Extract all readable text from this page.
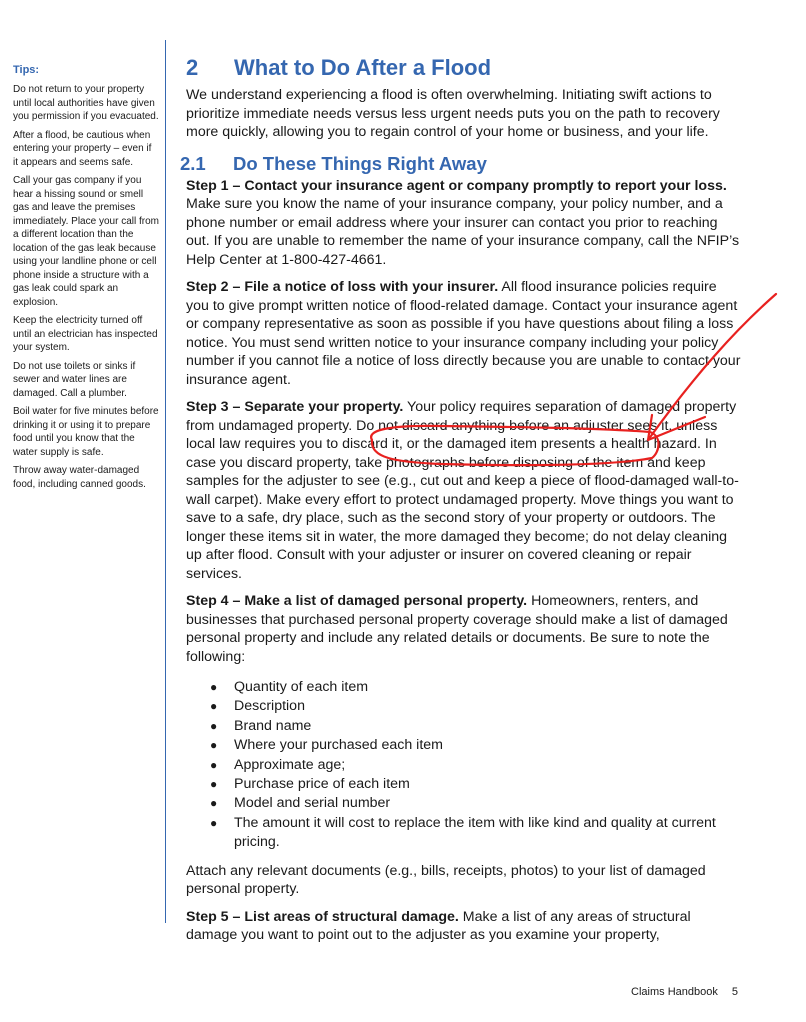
Tips:

Do not return to your property until local authorities have given you permission if you evacuated.

After a flood, be cautious when entering your property – even if it appears and seems safe.

Call your gas company if you hear a hissing sound or smell gas and leave the premises immediately. Place your call from a different location than the location of the gas leak because using your landline phone or cell phone inside a structure with a gas leak could spark an explosion.

Keep the electricity turned off until an electrician has inspected your system.

Do not use toilets or sinks if sewer and water lines are damaged. Call a plumber.

Boil water for five minutes before drinking it or using it to prepare food until you know that the water supply is safe.

Throw away water-damaged food, including canned goods.

2	What to Do After a Flood

We understand experiencing a flood is often overwhelming. Initiating swift actions to prioritize immediate needs versus less urgent needs puts you on the path to recovery more quickly, allowing you to regain control of your home or business, and your life.

2.1	Do These Things Right Away

Step 1 – Contact your insurance agent or company promptly to report your loss. Make sure you know the name of your insurance company, your policy number, and a phone number or email address where your insurer can contact you prior to reaching out. If you are unable to remember the name of your insurance company, call the NFIP’s Help Center at 1-800-427-4661.

Step 2 – File a notice of loss with your insurer. All flood insurance policies require you to give prompt written notice of flood-related damage. Contact your insurance agent or company representative as soon as possible if you have questions about filing a loss notice. You must send written notice to your insurance company including your policy number if you cannot file a notice of loss directly because you are unable to contact your insurance agent.

Step 3 – Separate your property. Your policy requires separation of damaged property from undamaged property. Do not discard anything before an adjuster sees it, unless local law requires you to discard it, or the damaged item presents a health hazard. In case you discard property, take photographs before disposing of the item and keep samples for the adjuster to see (e.g., cut out and keep a piece of flood-damaged wall-to-wall carpet). Make every effort to protect undamaged property. Move things you want to save to a safe, dry place, such as the second story of your property or outdoors. The longer these items sit in water, the more damaged they become; do not delay cleaning up after flood. Consult with your adjuster or insurer on covered cleaning or repair services.

Step 4 – Make a list of damaged personal property. Homeowners, renters, and businesses that purchased personal property coverage should make a list of damaged personal property and include any related details or documents. Be sure to note the following:

●	Quantity of each item
●	Description
●	Brand name
●	Where your purchased each item
●	Approximate age;
●	Purchase price of each item
●	Model and serial number
●	The amount it will cost to replace the item with like kind and quality at current pricing.

Attach any relevant documents (e.g., bills, receipts, photos) to your list of damaged personal property.

Step 5 – List areas of structural damage. Make a list of any areas of structural damage you want to point out to the adjuster as you examine your property,

Claims Handbook 5
